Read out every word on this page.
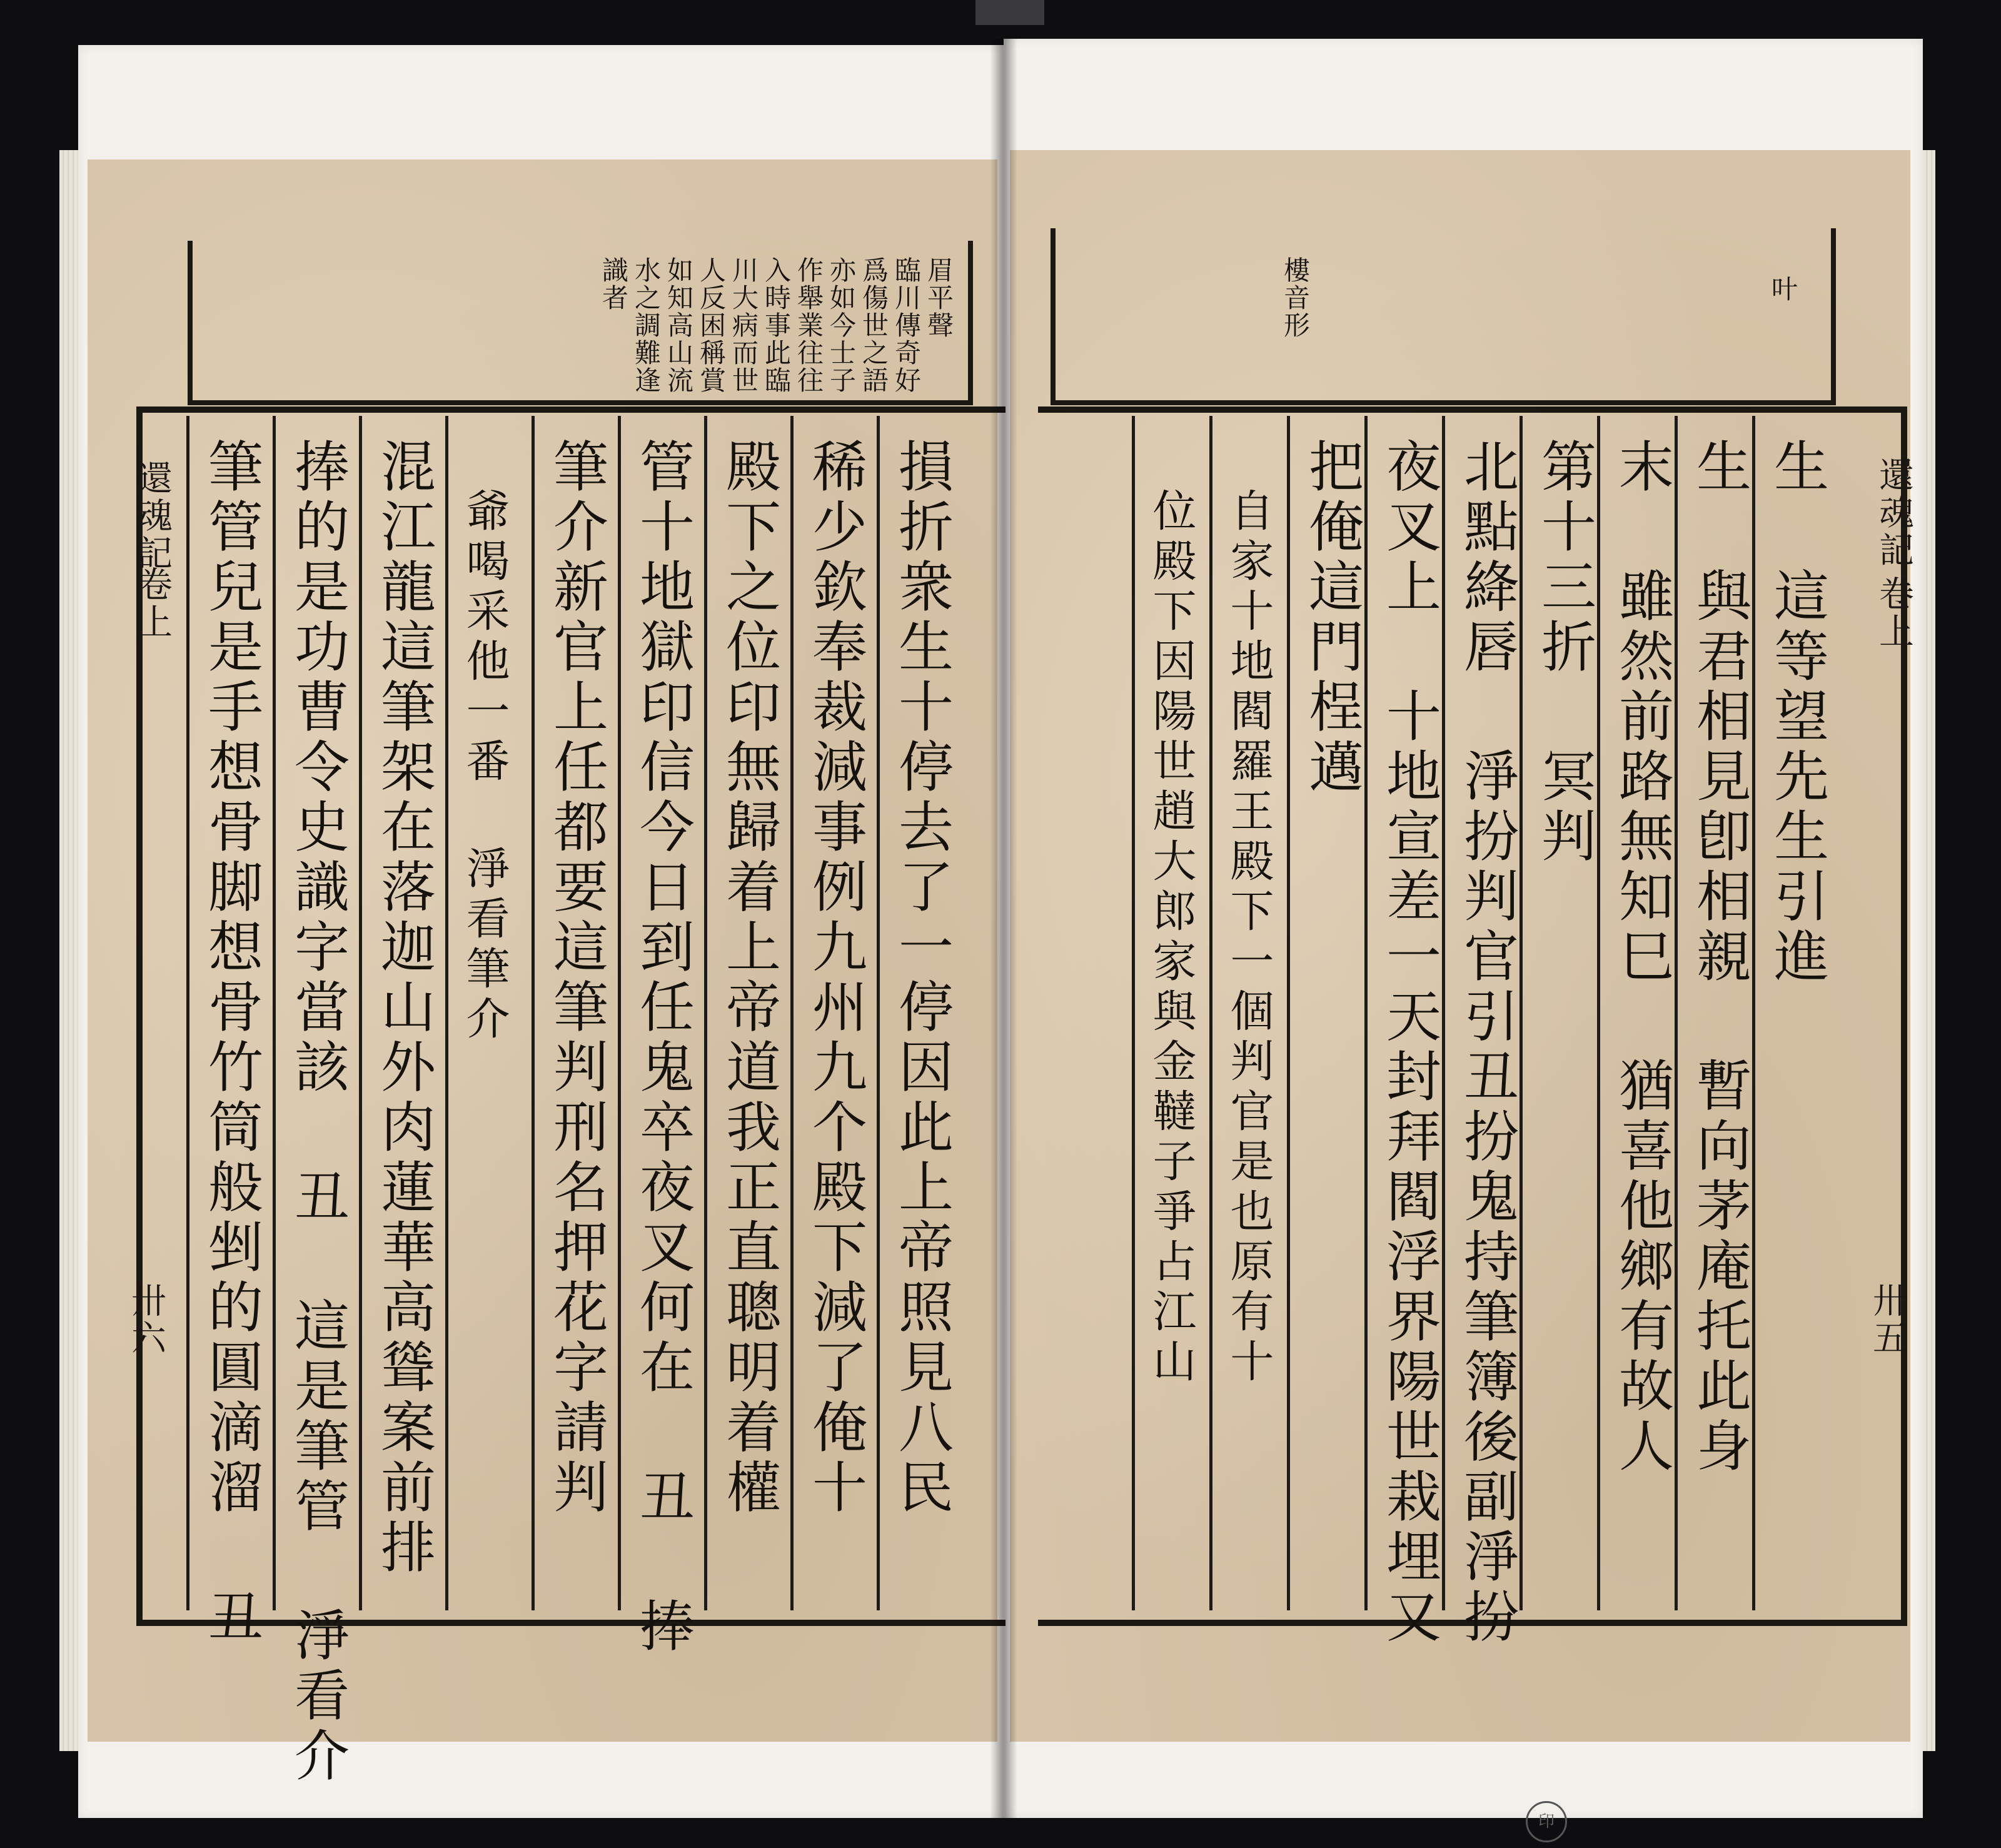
眉平聲
臨川傳奇好
爲傷世之語
亦如今士子
作舉業往往
入時事此臨
川大病而世
人反困稱賞
如知高山流
水之調難逢
識者
還魂記
卷上
卅六	損折衆生十停去了一停因此上帝照見八民
稀少欽奉裁減事例九州九个殿下減了俺十
殿下之位印無歸着上帝道我正直聰明着權
管十地獄印信今日到任鬼卒夜叉何在 丑 捧
筆介新官上任都要這筆判刑名押花字請判
爺喝采他一番 淨看筆介
混江龍這筆架在落迦山外肉蓮華高聳案前排
捧的是功曹令史識字當該 丑 這是筆管 淨看介
筆管兒是手想骨脚想骨竹筒般剉的圓滴溜 丑
叶
樓音形
還魂記
卷上
卅五
生 這等望先生引進
生 與君相見卽相親 暫向茅庵托此身
末 雖然前路無知巳 猶喜他鄉有故人
第十三折 冥判
北點絳唇 淨扮判官引丑扮鬼持筆簿後副淨扮
夜叉上 十地宣差一天封拜閻浮界陽世栽埋又
把俺這門桯邁
自家十地閻羅王殿下一個判官是也原有十
位殿下因陽世趙大郎家與金韃子爭占江山
印
